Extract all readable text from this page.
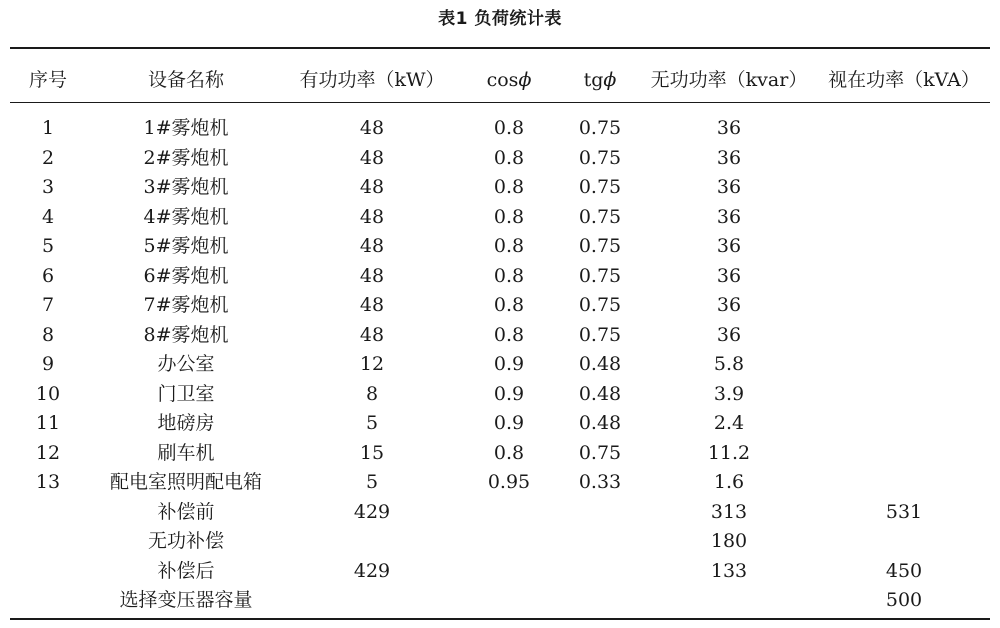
表1 负荷统计表
序号	设备名称	有功功率（kW）	cosϕ	tgϕ	无功功率（kvar）	视在功率（kVA）
1	1#雾炮机	48	0.8	0.75	36	
2	2#雾炮机	48	0.8	0.75	36	
3	3#雾炮机	48	0.8	0.75	36	
4	4#雾炮机	48	0.8	0.75	36	
5	5#雾炮机	48	0.8	0.75	36	
6	6#雾炮机	48	0.8	0.75	36	
7	7#雾炮机	48	0.8	0.75	36	
8	8#雾炮机	48	0.8	0.75	36	
9	办公室	12	0.9	0.48	5.8	
10	门卫室	8	0.9	0.48	3.9	
11	地磅房	5	0.9	0.48	2.4	
12	刷车机	15	0.8	0.75	11.2	
13	配电室照明配电箱	5	0.95	0.33	1.6	
	补偿前	429			313	531
	无功补偿				180	
	补偿后	429			133	450
	选择变压器容量					500
